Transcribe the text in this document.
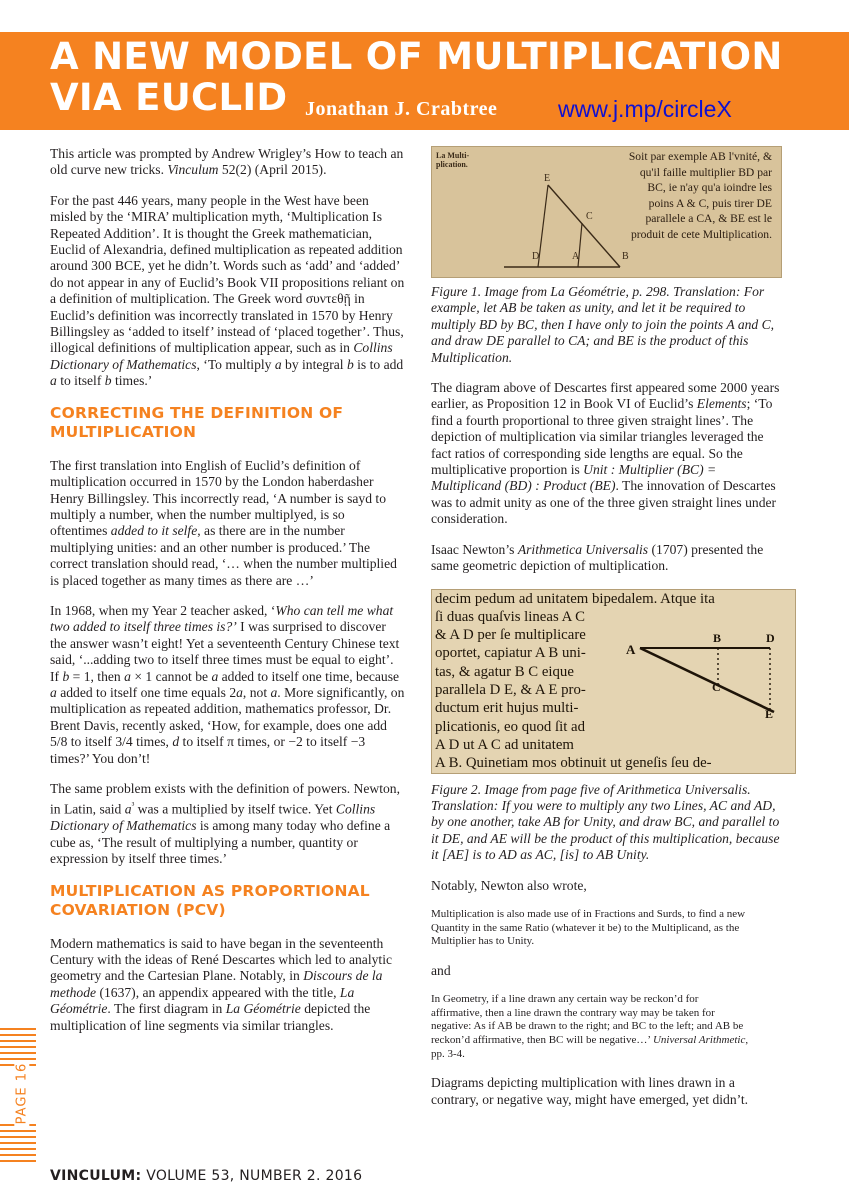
A NEW MODEL OF MULTIPLICATION
VIA EUCLID Jonathan J. Crabtree	www.j.mp/circleX

This article was prompted by Andrew Wrigley’s How to teach an old curve new tricks. Vinculum 52(2) (April 2015).

For the past 446 years, many people in the West have been misled by the ‘MIRA’ multiplication myth, ‘Multiplication Is Repeated Addition’. It is thought the Greek mathematician, Euclid of Alexandria, defined multiplication as repeated addition around 300 BCE, yet he didn’t. Words such as ‘add’ and ‘added’ do not appear in any of Euclid’s Book VII propositions reliant on a definition of multiplication. The Greek word συντεθῇ in Euclid’s definition was incorrectly translated in 1570 by Henry Billingsley as ‘added to itself’ instead of ‘placed together’. Thus, illogical definitions of multiplication appear, such as in Collins Dictionary of Mathematics, ‘To multiply a by integral b is to add a to itself b times.’

CORRECTING THE DEFINITION OF MULTIPLICATION

The first translation into English of Euclid’s definition of multiplication occurred in 1570 by the London haberdasher Henry Billingsley. This incorrectly read, ‘A number is sayd to multiply a number, when the number multiplyed, is so oftentimes added to it selfe, as there are in the number multiplying unities: and an other number is produced.’ The correct translation should read, ‘… when the number multiplied is placed together as many times as there are …’

In 1968, when my Year 2 teacher asked, ‘Who can tell me what two added to itself three times is?’ I was surprised to discover the answer wasn’t eight! Yet a seventeenth Century Chinese text said, ‘...adding two to itself three times must be equal to eight’. If b = 1, then a × 1 cannot be a added to itself one time, because a added to itself one time equals 2a, not a. More significantly, on multiplication as repeated addition, mathematics professor, Dr. Brent Davis, recently asked, ‘How, for example, does one add 5/8 to itself 3/4 times, d to itself π times, or −2 to itself −3 times?’ You don’t!

The same problem exists with the definition of powers. Newton, in Latin, said $a^{^3}$ was a multiplied by itself twice. Yet Collins Dictionary of Mathematics is among many today who define a cube as, ‘The result of multiplying a number, quantity or expression by itself three times.’

MULTIPLICATION AS PROPORTIONAL COVARIATION (PCV)

Modern mathematics is said to have began in the seventeenth Century with the ideas of René Descartes which led to analytic geometry and the Cartesian Plane. Notably, in Discours de la methode (1637), an appendix appeared with the title, La Géométrie. The first diagram in La Géométrie depicted the multiplication of line segments via similar triangles.

E
C
D	A	B
La Multi-
plication.
Soit par exemple AB l'vnité, & qu'il faille multiplier BD par BC, ie n'ay qu'a ioindre les poins A & C, puis tirer DE parallele a CA, & BE est le produit de cete Multiplication.

Figure 1. Image from La Géométrie, p. 298. Translation: For example, let AB be taken as unity, and let it be required to multiply BD by BC, then I have only to join the points A and C, and draw DE parallel to CA; and BE is the product of this Multiplication.

The diagram above of Descartes first appeared some 2000 years earlier, as Proposition 12 in Book VI of Euclid’s Elements; ‘To find a fourth proportional to three given straight lines’. The depiction of multiplication via similar triangles leveraged the fact ratios of corresponding side lengths are equal. So the multiplicative proportion is Unit : Multiplier (BC) = Multiplicand (BD) : Product (BE). The innovation of Descartes was to admit unity as one of the three given straight lines under consideration.

Isaac Newton’s Arithmetica Universalis (1707) presented the same geometric depiction of multiplication.

A
B	D
C
E
decim pedum ad unitatem bipedalem. Atque ita
ſi duas quaſvis lineas A C
& A D per ſe multiplicare
oportet, capiatur A B uni-
tas, & agatur B C eique
parallela D E, & A E pro-
ductum erit hujus multi-
plicationis, eo quod ſit ad
A D ut A C ad unitatem
A B. Quinetiam mos obtinuit ut geneſis ſeu de-

Figure 2. Image from page five of Arithmetica Universalis. Translation: If you were to multiply any two Lines, AC and AD, by one another, take AB for Unity, and draw BC, and parallel to it DE, and AE will be the product of this multiplication, because it [AE] is to AD as AC, [is] to AB Unity.

Notably, Newton also wrote,

Multiplication is also made use of in Fractions and Surds, to find a new Quantity in the same Ratio (whatever it be) to the Multiplicand, as the Multiplier has to Unity.

and

In Geometry, if a line drawn any certain way be reckon’d for affirmative, then a line drawn the contrary way may be taken for negative: As if AB be drawn to the right; and BC to the left; and AB be reckon’d affirmative, then BC will be negative…’ Universal Arithmetic, pp. 3-4.

Diagrams depicting multiplication with lines drawn in a contrary, or negative way, might have emerged, yet didn’t.

PAGE 16
VINCULUM: VOLUME 53, NUMBER 2. 2016
